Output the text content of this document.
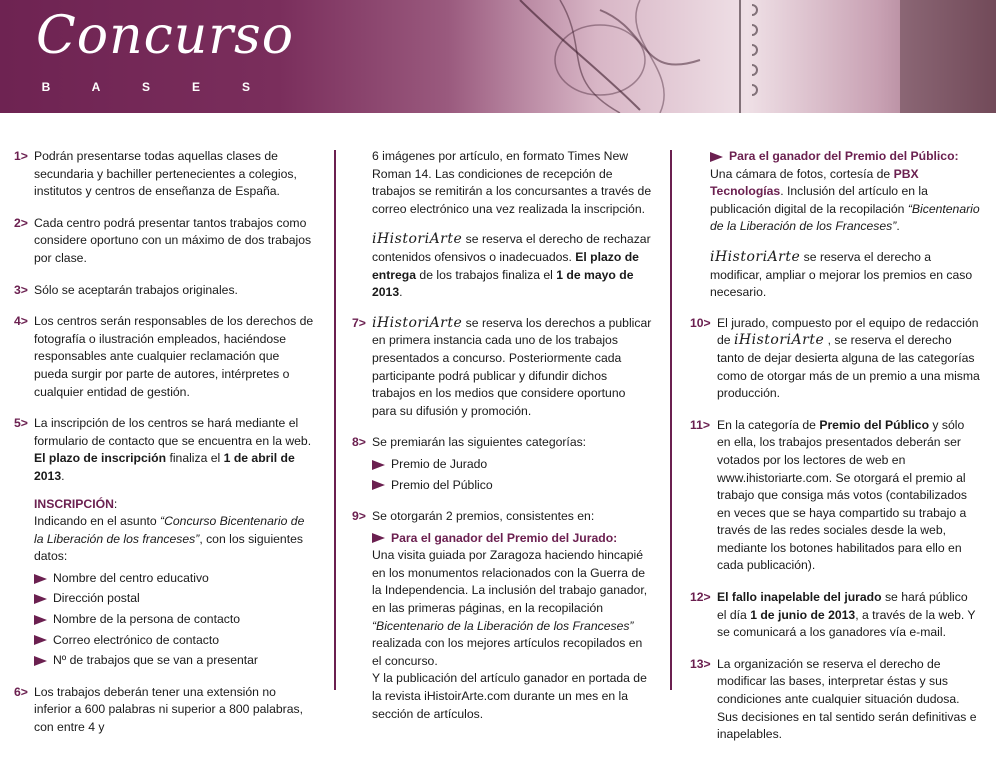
Concurso
B	A	S	E	S
1> Podrán presentarse todas aquellas clases de secundaria y bachiller pertenecientes a colegios, institutos y centros de enseñanza de España.
2> Cada centro podrá presentar tantos trabajos como considere oportuno con un máximo de dos trabajos por clase.
3> Sólo se aceptarán trabajos originales.
4> Los centros serán responsables de los derechos de fotografía o ilustración empleados, haciéndose responsables ante cualquier reclamación que pueda surgir por parte de autores, intérpretes o cualquier entidad de gestión.
5> La inscripción de los centros se hará mediante el formulario de contacto que se encuentra en la web.
El plazo de inscripción finaliza el 1 de abril de 2013.
INSCRIPCIÓN:
Indicando en el asunto “Concurso Bicentenario de la Liberación de los franceses”, con los siguientes datos:
Nombre del centro educativo
Dirección postal
Nombre de la persona de contacto
Correo electrónico de contacto
Nº de trabajos que se van a presentar
6> Los trabajos deberán tener una extensión no inferior a 600 palabras ni superior a 800 palabras, con entre 4 y
6 imágenes por artículo, en formato Times New Roman 14. Las condiciones de recepción de trabajos se remitirán a los concursantes a través de correo electrónico una vez realizada la inscripción.
iHistoriArte se reserva el derecho de rechazar contenidos ofensivos o inadecuados. El plazo de entrega de los trabajos finaliza el 1 de mayo de 2013.
7> iHistoriArte se reserva los derechos a publicar en primera instancia cada uno de los trabajos presentados a concurso. Posteriormente cada participante podrá publicar y difundir dichos trabajos en los medios que considere oportuno para su difusión y promoción.
8> Se premiarán las siguientes categorías:
Premio de Jurado
Premio del Público
9> Se otorgarán 2 premios, consistentes en:
Para el ganador del Premio del Jurado:
Una visita guiada por Zaragoza haciendo hincapié en los monumentos relacionados con la Guerra de la Independencia. La inclusión del trabajo ganador, en las primeras páginas, en la recopilación “Bicentenario de la Liberación de los Franceses” realizada con los mejores artículos recopilados en el concurso.
Y la publicación del artículo ganador en portada de la revista iHistoirArte.com durante un mes en la sección de artículos.
Para el ganador del Premio del Público:
Una cámara de fotos, cortesía de PBX Tecnologías. Inclusión del artículo en la publicación digital de la recopilación “Bicentenario de la Liberación de los Franceses”.
iHistoriArte se reserva el derecho a modificar, ampliar o mejorar los premios en caso necesario.
10> El jurado, compuesto por el equipo de redacción de iHistoriArte , se reserva el derecho tanto de dejar desierta alguna de las categorías como de otorgar más de un premio a una misma producción.
11> En la categoría de Premio del Público y sólo en ella, los trabajos presentados deberán ser votados por los lectores de web en www.ihistoriarte.com. Se otorgará el premio al trabajo que consiga más votos (contabilizados en veces que se haya compartido su trabajo a través de las redes sociales desde la web, mediante los botones habilitados para ello en cada publicación).
12> El fallo inapelable del jurado se hará público el día 1 de junio de 2013, a través de la web. Y se comunicará a los ganadores vía e-mail.
13> La organización se reserva el derecho de modificar las bases, interpretar éstas y sus condiciones ante cualquier situación dudosa. Sus decisiones en tal sentido serán definitivas e inapelables.
